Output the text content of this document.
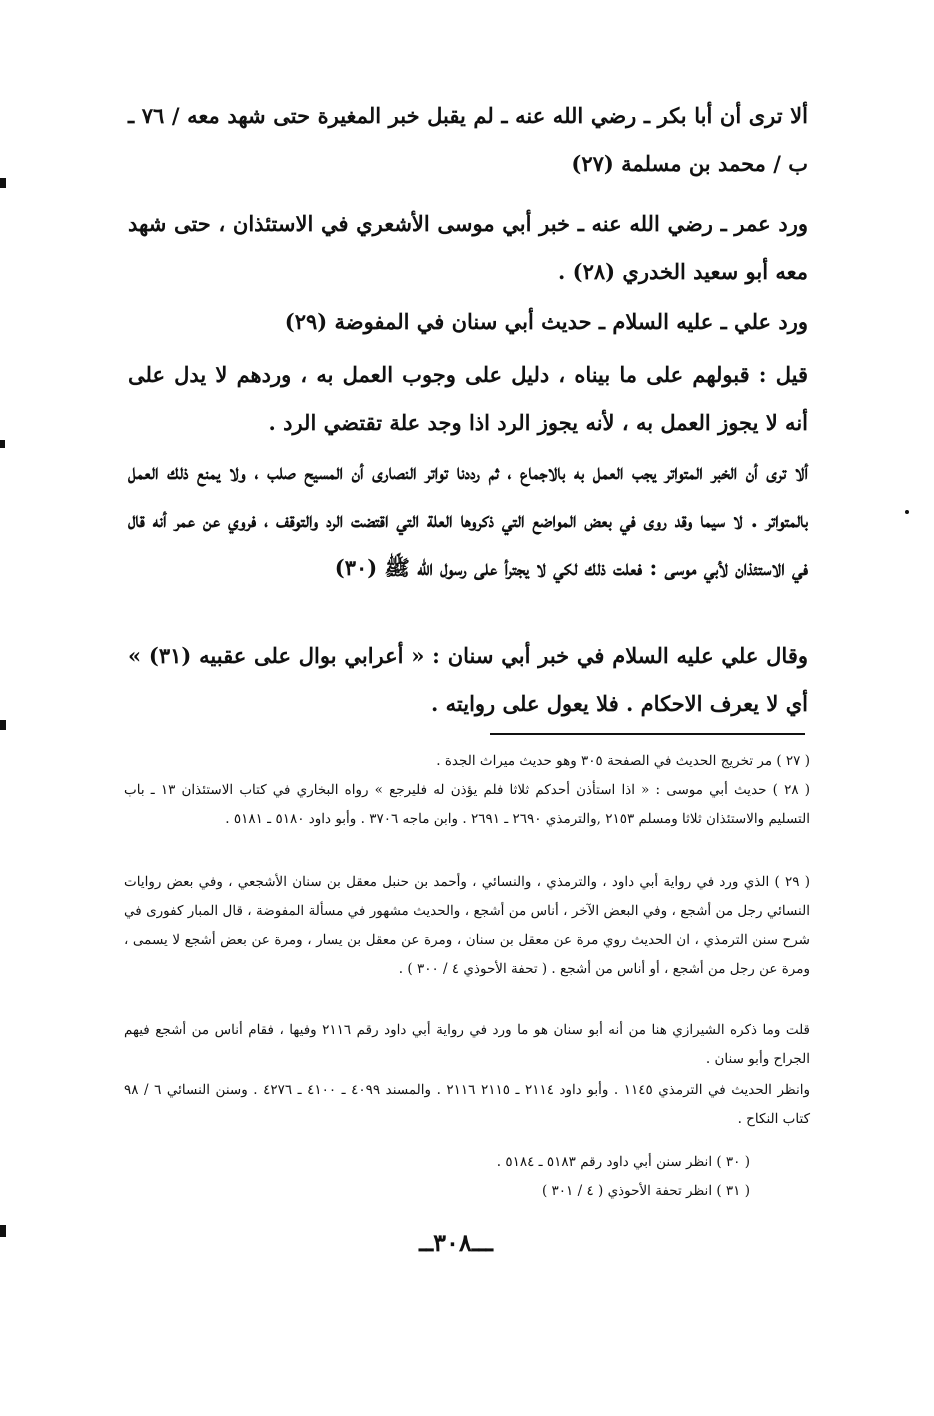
ألا ترى أن أبا بكر ـ رضي الله عنه ـ لم يقبل خبر المغيرة حتى شهد معه / ٧٦ ـ ب / محمد بن مسلمة (٢٧)

ورد عمر ـ رضي الله عنه ـ خبر أبي موسى الأشعري في الاستئذان ، حتى شهد معه أبو سعيد الخدري (٢٨) .

ورد علي ـ عليه السلام ـ حديث أبي سنان في المفوضة (٢٩)

قيل : قبولهم على ما بيناه ، دليل على وجوب العمل به ، وردهم لا يدل على أنه لا يجوز العمل به ، لأنه يجوز الرد اذا وجد علة تقتضي الرد .

ألا ترى أن الخبر المتواتر يجب العمل به بالاجماع ، ثم رددنا تواتر النصارى أن المسيح صلب ، ولا يمنع ذلك العمل بالمتواتر . لا سيما وقد روى في بعض المواضع التي ذكروها العلة التي اقتضت الرد والتوقف ، فروي عن عمر أنه قال في الاستئذان لأبي موسى : فعلت ذلك لكي لا يجترأ على رسول الله ﷺ (٣٠)

وقال علي عليه السلام في خبر أبي سنان : « أعرابي بوال على عقبيه (٣١) » أي لا يعرف الاحكام . فلا يعول على روايته .

( ٢٧ ) مر تخريج الحديث في الصفحة ٣٠٥ وهو حديث ميراث الجدة .

( ٢٨ ) حديث أبي موسى : « اذا استأذن أحدكم ثلاثا فلم يؤذن له فليرجع » رواه البخاري في كتاب الاستئذان ١٣ ـ باب التسليم والاستئذان ثلاثا ومسلم ٢١٥٣ ,والترمذي ٢٦٩٠ ـ ٢٦٩١ . وابن ماجه ٣٧٠٦ . وأبو داود ٥١٨٠ ـ ٥١٨١ .

( ٢٩ ) الذي ورد في رواية أبي داود ، والترمذي ، والنسائي ، وأحمد بن حنبل معقل بن سنان الأشجعي ، وفي بعض روايات النسائي رجل من أشجع ، وفي البعض الآخر ، أناس من أشجع ، والحديث مشهور في مسألة المفوضة ، قال المبار كفورى في شرح سنن الترمذي ، ان الحديث روي مرة عن معقل بن سنان ، ومرة عن معقل بن يسار ، ومرة عن بعض أشجع لا يسمى ، ومرة عن رجل من أشجع ، أو أناس من أشجع . ( تحفة الأحوذي ٤ / ٣٠٠ ) .

قلت وما ذكره الشيرازي هنا من أنه أبو سنان هو ما ورد في رواية أبي داود رقم ٢١١٦ وفيها ، فقام أناس من أشجع فيهم الجراح وأبو سنان .

وانظر الحديث في الترمذي ١١٤٥ . وأبو داود ٢١١٤ ـ ٢١١٥ ٢١١٦ . والمسند ٤٠٩٩ ـ ٤١٠٠ ـ ٤٢٧٦ . وسنن النسائي ٦ / ٩٨ كتاب النكاح .

( ٣٠ ) انظر سنن أبي داود رقم ٥١٨٣ ـ ٥١٨٤ .

( ٣١ ) انظر تحفة الأحوذي ( ٤ / ٣٠١ )

ـــ٣٠٨ــ
